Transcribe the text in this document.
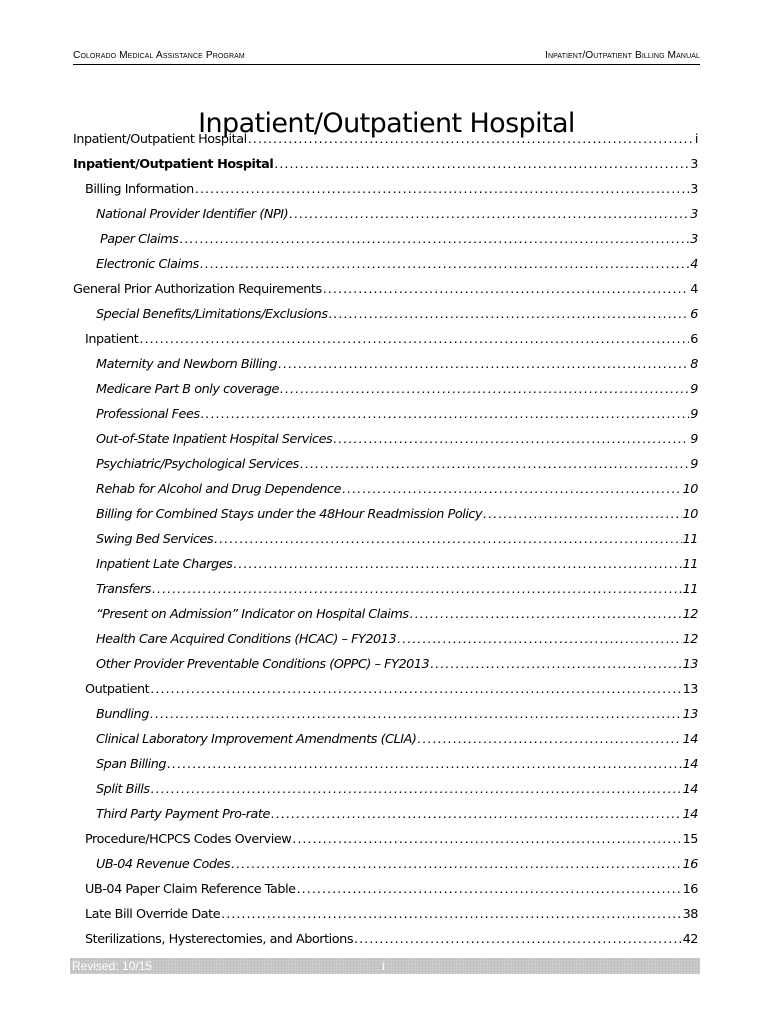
Colorado Medical Assistance Program	Inpatient/Outpatient Billing Manual
Inpatient/Outpatient Hospital
Inpatient/Outpatient Hospital .....	i
Inpatient/Outpatient Hospital .....	3
Billing Information .....	3
National Provider Identifier (NPI) .....	3
Paper Claims .....	3
Electronic Claims .....	4
General Prior Authorization Requirements .....	4
Special Benefits/Limitations/Exclusions .....	6
Inpatient .....	6
Maternity and Newborn Billing .....	8
Medicare Part B only coverage .....	9
Professional Fees .....	9
Out-of-State Inpatient Hospital Services .....	9
Psychiatric/Psychological Services .....	9
Rehab for Alcohol and Drug Dependence .....	10
Billing for Combined Stays under the 48Hour Readmission Policy .....	10
Swing Bed Services .....	11
Inpatient Late Charges .....	11
Transfers .....	11
“Present on Admission” Indicator on Hospital Claims .....	12
Health Care Acquired Conditions (HCAC) – FY2013 .....	12
Other Provider Preventable Conditions (OPPC) – FY2013 .....	13
Outpatient .....	13
Bundling .....	13
Clinical Laboratory Improvement Amendments (CLIA) .....	14
Span Billing .....	14
Split Bills .....	14
Third Party Payment Pro-rate .....	14
Procedure/HCPCS Codes Overview .....	15
UB-04 Revenue Codes .....	16
UB-04 Paper Claim Reference Table .....	16
Late Bill Override Date .....	38
Sterilizations, Hysterectomies, and Abortions .....	42
Revised: 10/15	i
